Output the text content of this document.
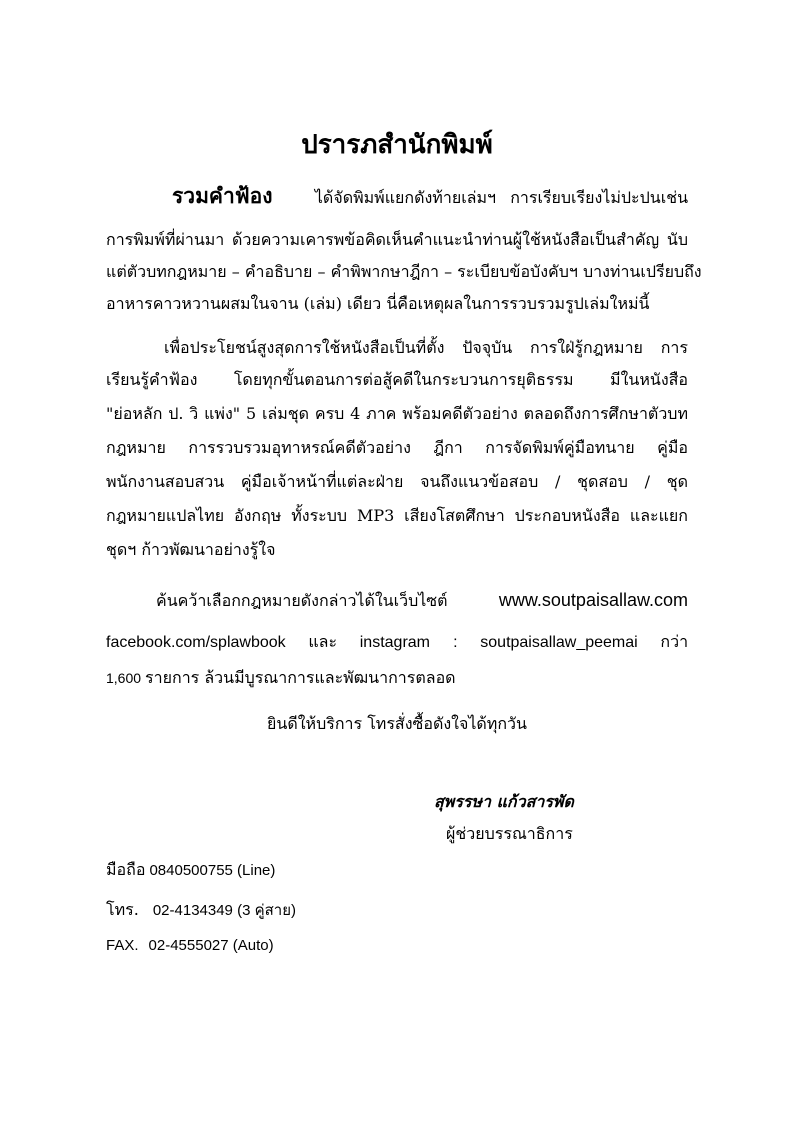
ปรารภสำนักพิมพ์
รวมคำฟ้อง	ได้จัดพิมพ์แยกดังท้ายเล่มฯ การเรียบเรียงไม่ปะปนเช่น
การพิมพ์ที่ผ่านมา ด้วยความเคารพข้อคิดเห็นคำแนะนำท่านผู้ใช้หนังสือเป็นสำคัญ นับ
แต่ตัวบทกฎหมาย – คำอธิบาย – คำพิพากษาฎีกา – ระเบียบข้อบังคับฯ บางท่านเปรียบถึง
อาหารคาวหวานผสมในจาน (เล่ม) เดียว นี่คือเหตุผลในการรวบรวมรูปเล่มใหม่นี้
เพื่อประโยชน์สูงสุดการใช้หนังสือเป็นที่ตั้ง ปัจจุบัน การใฝ่รู้กฎหมาย การ
เรียนรู้คำฟ้อง โดยทุกขั้นตอนการต่อสู้คดีในกระบวนการยุติธรรม มีในหนังสือ
"ย่อหลัก ป. วิ แพ่ง" 5 เล่มชุด ครบ 4 ภาค พร้อมคดีตัวอย่าง ตลอดถึงการศึกษาตัวบท
กฎหมาย การรวบรวมอุทาหรณ์คดีตัวอย่าง ฎีกา การจัดพิมพ์คู่มือทนาย คู่มือ
พนักงานสอบสวน คู่มือเจ้าหน้าที่แต่ละฝ่าย จนถึงแนวข้อสอบ / ชุดสอบ / ชุด
กฎหมายแปลไทย อังกฤษ ทั้งระบบ MP3 เสียงโสตศึกษา ประกอบหนังสือ และแยก
ชุดฯ ก้าวพัฒนาอย่างรู้ใจ
ค้นคว้าเลือกกฎหมายดังกล่าวได้ในเว็บไซต์	www.soutpaisallaw.com
facebook.com/splawbook และ instagram : soutpaisallaw_peemai กว่า
1,600 รายการ ล้วนมีบูรณาการและพัฒนาการตลอด
ยินดีให้บริการ โทรสั่งซื้อดังใจได้ทุกวัน
สุพรรษา แก้วสารพัด
ผู้ช่วยบรรณาธิการ
มือถือ 0840500755 (Line)
โทร. 02-4134349 (3 คู่สาย)
FAX. 02-4555027 (Auto)
